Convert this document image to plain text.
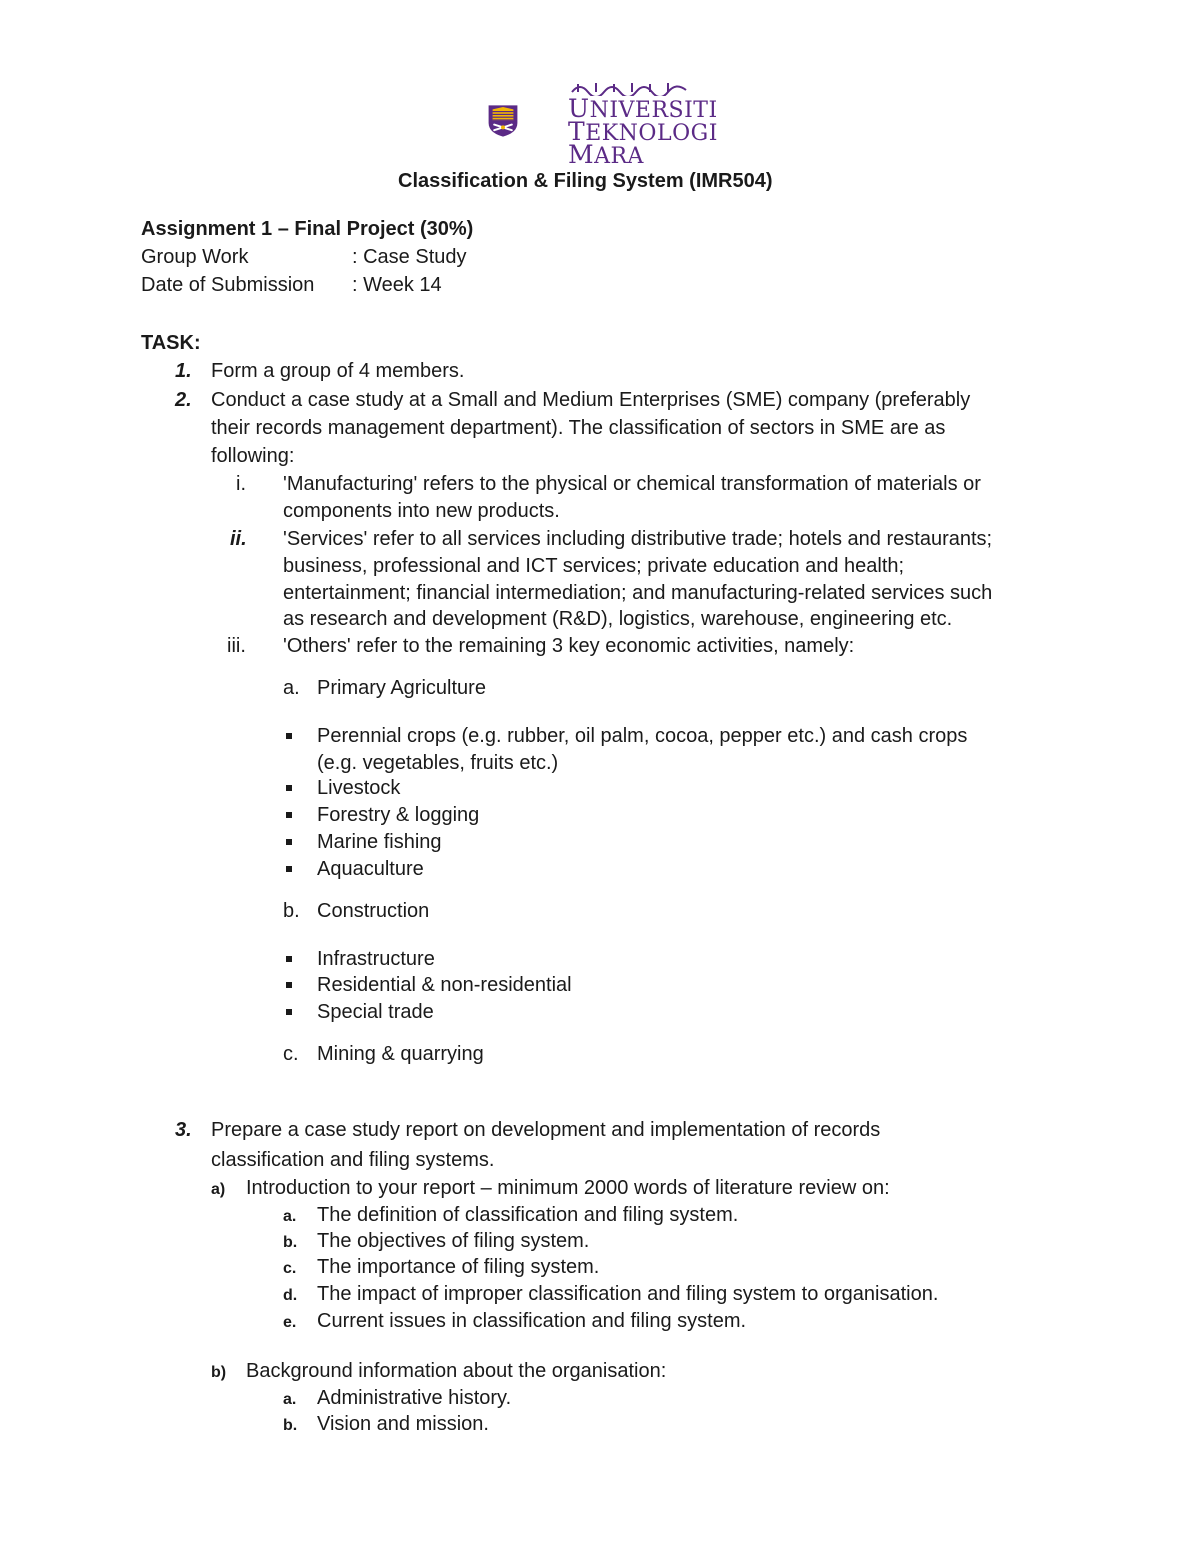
UNIVERSITI
TEKNOLOGI
MARA
Classification & Filing System (IMR504)
Assignment 1 – Final Project (30%)
Group Work	: Case Study
Date of Submission : Week 14
TASK:
1. Form a group of 4 members.
2. Conduct a case study at a Small and Medium Enterprises (SME) company (preferably
their records management department). The classification of sectors in SME are as
following:
i. 'Manufacturing' refers to the physical or chemical transformation of materials or
components into new products.
ii. 'Services' refer to all services including distributive trade; hotels and restaurants;
business, professional and ICT services; private education and health;
entertainment; financial intermediation; and manufacturing-related services such
as research and development (R&D), logistics, warehouse, engineering etc.
iii. 'Others' refer to the remaining 3 key economic activities, namely:
a. Primary Agriculture
Perennial crops (e.g. rubber, oil palm, cocoa, pepper etc.) and cash crops
(e.g. vegetables, fruits etc.)
Livestock
Forestry & logging
Marine fishing
Aquaculture
b. Construction
Infrastructure
Residential & non-residential
Special trade
c. Mining & quarrying
3. Prepare a case study report on development and implementation of records
classification and filing systems.
a) Introduction to your report – minimum 2000 words of literature review on:
a. The definition of classification and filing system.
b. The objectives of filing system.
c. The importance of filing system.
d. The impact of improper classification and filing system to organisation.
e. Current issues in classification and filing system.
b) Background information about the organisation:
a. Administrative history.
b. Vision and mission.
